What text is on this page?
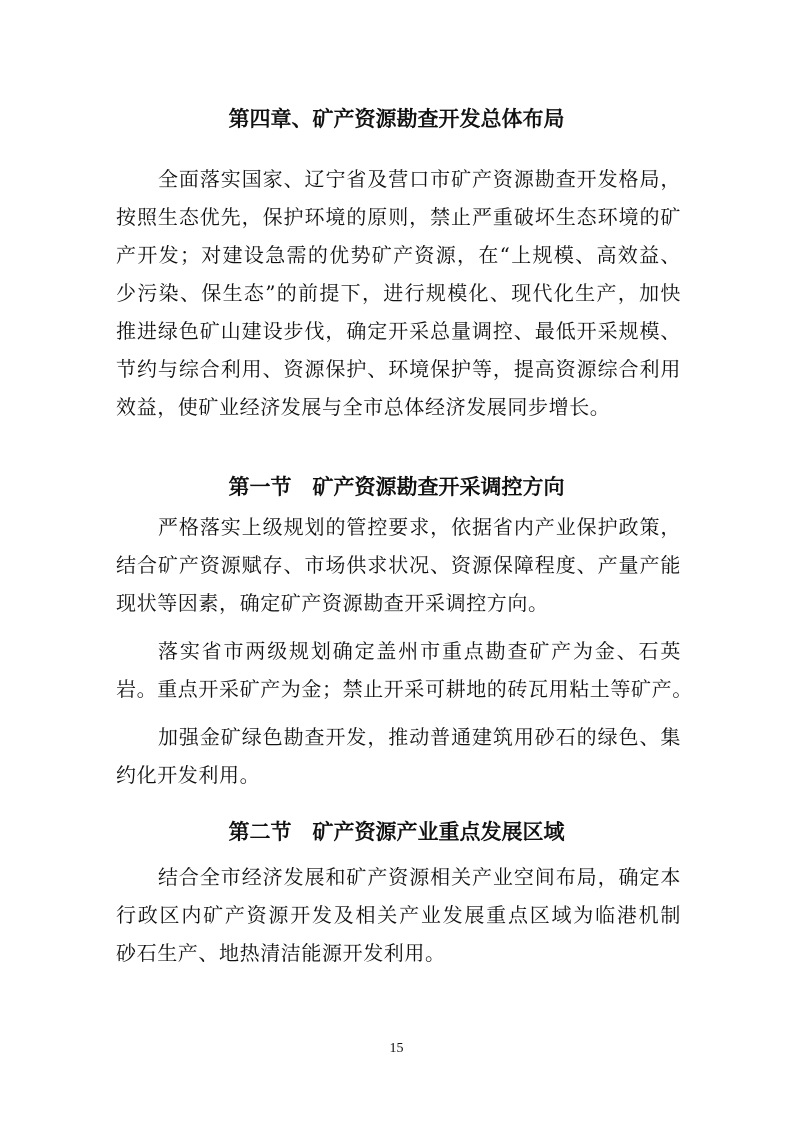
第四章、矿产资源勘查开发总体布局
全面落实国家、辽宁省及营口市矿产资源勘查开发格局，
按照生态优先，保护环境的原则，禁止严重破坏生态环境的矿
产开发；对建设急需的优势矿产资源，在“上规模、高效益、
少污染、保生态”的前提下，进行规模化、现代化生产，加快
推进绿色矿山建设步伐，确定开采总量调控、最低开采规模、
节约与综合利用、资源保护、环境保护等，提高资源综合利用
效益，使矿业经济发展与全市总体经济发展同步增长。
第一节　矿产资源勘查开采调控方向
严格落实上级规划的管控要求，依据省内产业保护政策，
结合矿产资源赋存、市场供求状况、资源保障程度、产量产能
现状等因素，确定矿产资源勘查开采调控方向。
落实省市两级规划确定盖州市重点勘查矿产为金、石英
岩。重点开采矿产为金；禁止开采可耕地的砖瓦用粘土等矿产。
加强金矿绿色勘查开发，推动普通建筑用砂石的绿色、集
约化开发利用。
第二节　矿产资源产业重点发展区域
结合全市经济发展和矿产资源相关产业空间布局，确定本
行政区内矿产资源开发及相关产业发展重点区域为临港机制
砂石生产、地热清洁能源开发利用。
15
